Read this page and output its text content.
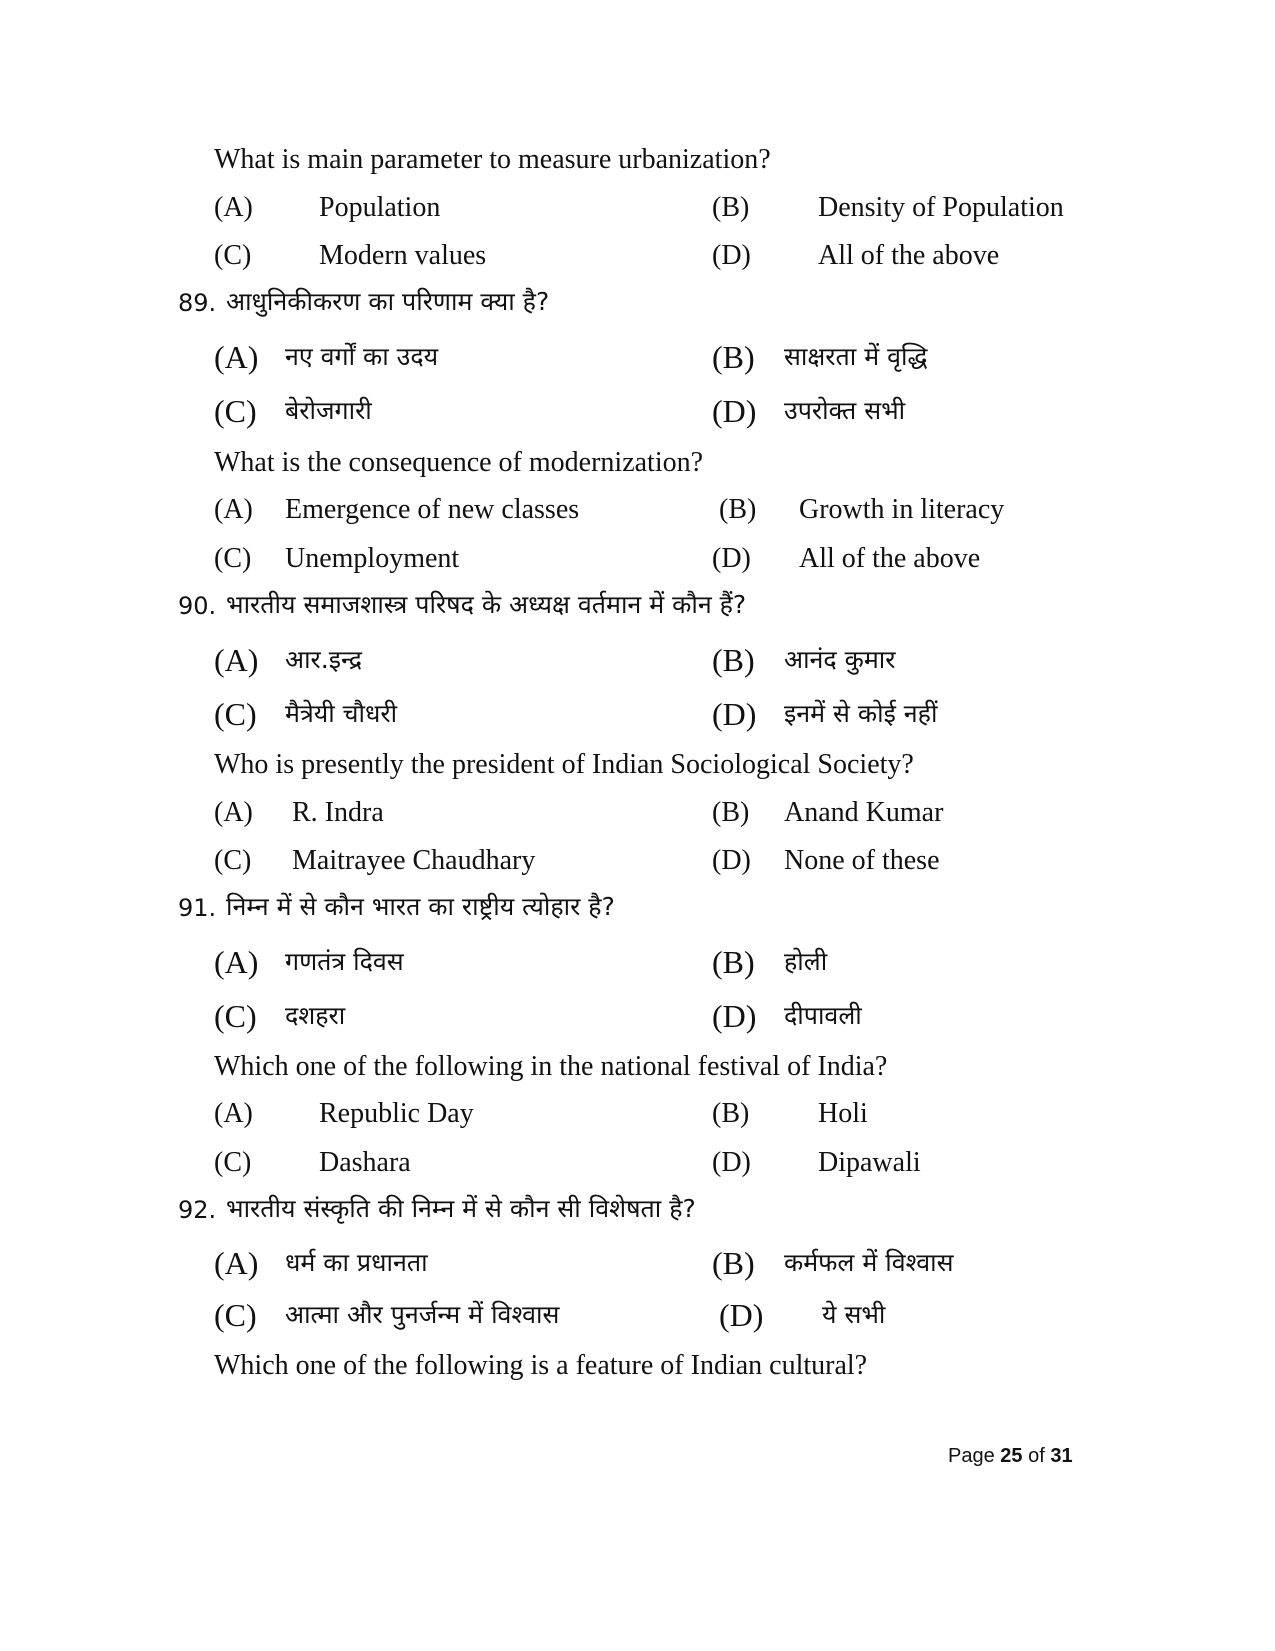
What is main parameter to measure urbanization?
(A) Population	(B) Density of Population
(C) Modern values	(D) All of the above
89. आधुनिकीकरण का परिणाम क्या है?
(A) नए वर्गों का उदय	(B) साक्षरता में वृद्धि
(C) बेरोजगारी	(D) उपरोक्त सभी
What is the consequence of modernization?
(A) Emergence of new classes	(B) Growth in literacy
(C) Unemployment	(D) All of the above
90. भारतीय समाजशास्त्र परिषद के अध्यक्ष वर्तमान में कौन हैं?
(A) आर.इन्द्र	(B) आनंद कुमार
(C) मैत्रेयी चौधरी	(D) इनमें से कोई नहीं
Who is presently the president of Indian Sociological Society?
(A) R. Indra	(B) Anand Kumar
(C) Maitrayee Chaudhary	(D) None of these
91. निम्न में से कौन भारत का राष्ट्रीय त्योहार है?
(A) गणतंत्र दिवस	(B) होली
(C) दशहरा	(D) दीपावली
Which one of the following in the national festival of India?
(A) Republic Day	(B) Holi
(C) Dashara	(D) Dipawali
92. भारतीय संस्कृति की निम्न में से कौन सी विशेषता है?
(A) धर्म का प्रधानता	(B) कर्मफल में विश्वास
(C) आत्मा और पुनर्जन्म में विश्वास	(D) ये सभी
Which one of the following is a feature of Indian cultural?
Page 25 of 31
